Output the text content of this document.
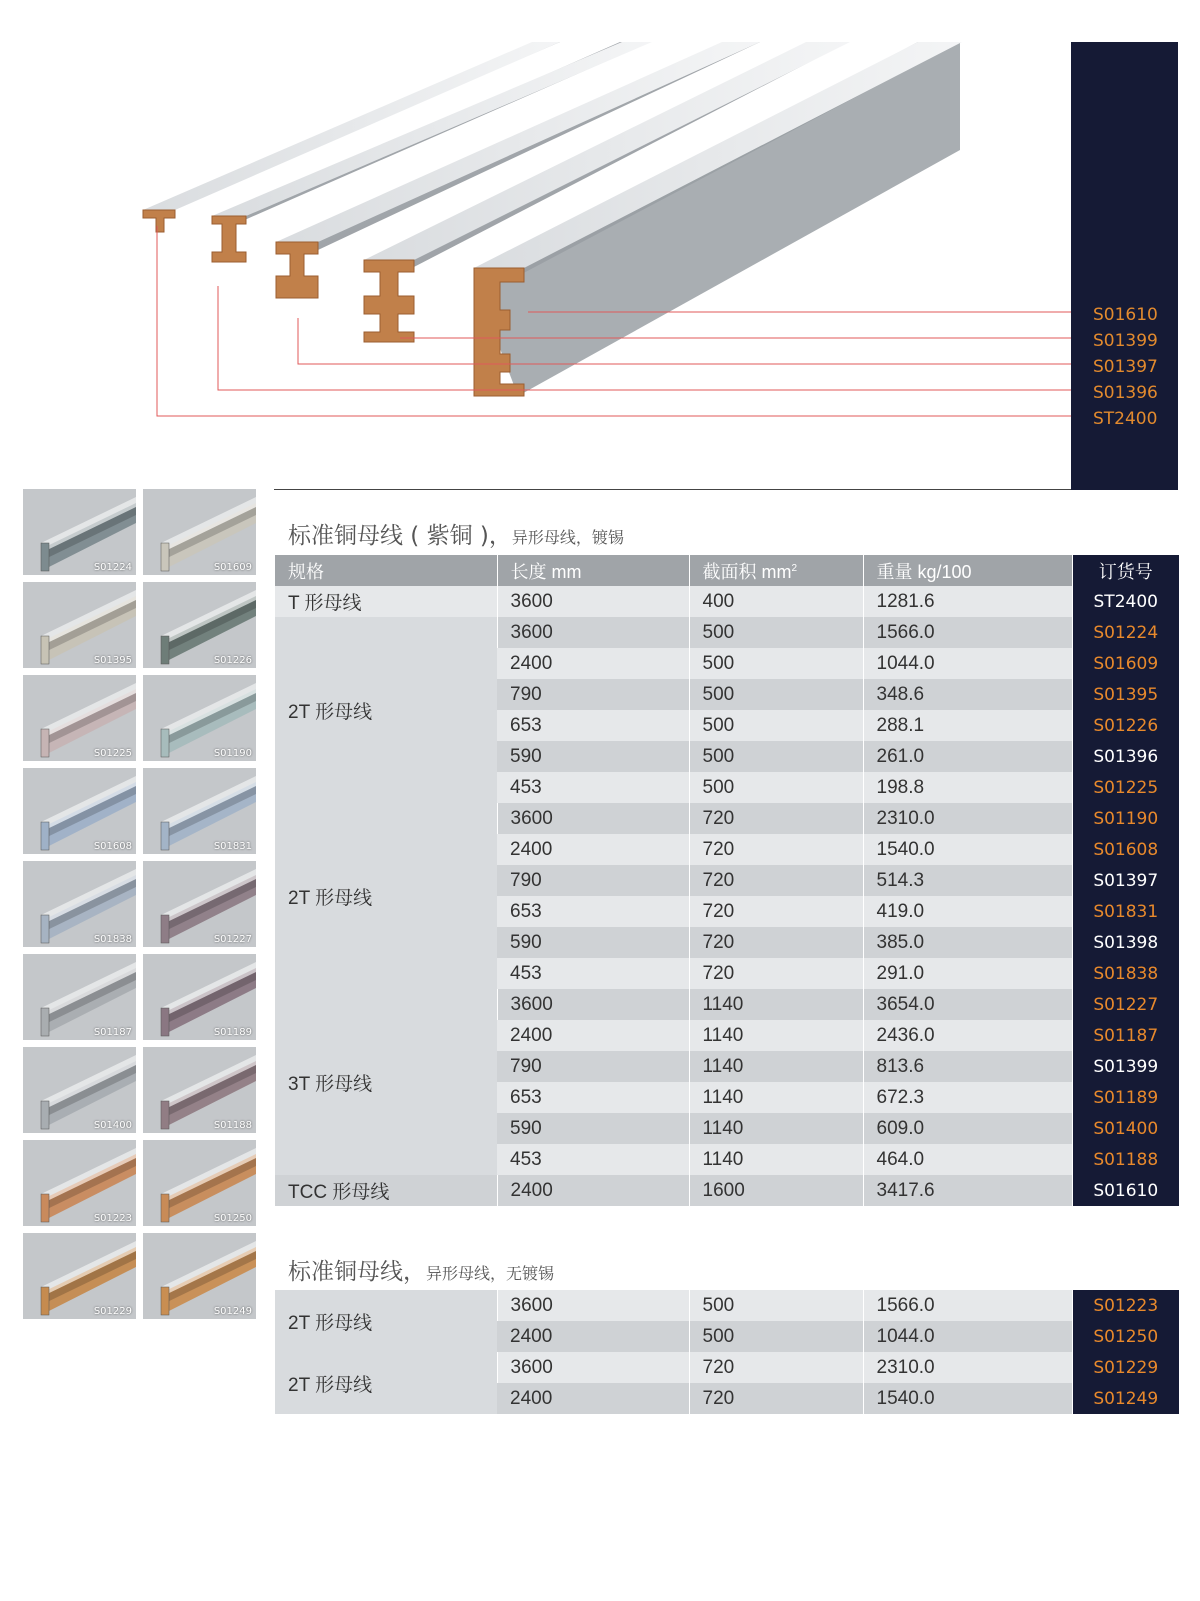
S01610
S01399
S01397
S01396
ST2400
S01224	S01609
S01395	S01226
S01225	S01190
S01608	S01831
S01838	S01227
S01187	S01189
S01400	S01188
S01223	S01250
S01229	S01249
标准铜母线 ( 紫铜 )，异形母线，镀锡
规格	长度 mm	截面积 $mm^2$	重量 kg/100	订货号
T 形母线	3600	400	1281.6	ST2400
2T 形母线	3600	500	1566.0	S01224
	2400	500	1044.0	S01609
	790	500	348.6	S01395
	653	500	288.1	S01226
	590	500	261.0	S01396
	453	500	198.8	S01225
2T 形母线	3600	720	2310.0	S01190
	2400	720	1540.0	S01608
	790	720	514.3	S01397
	653	720	419.0	S01831
	590	720	385.0	S01398
	453	720	291.0	S01838
3T 形母线	3600	1140	3654.0	S01227
	2400	1140	2436.0	S01187
	790	1140	813.6	S01399
	653	1140	672.3	S01189
	590	1140	609.0	S01400
	453	1140	464.0	S01188
TCC 形母线	2400	1600	3417.6	S01610
标准铜母线，异形母线，无镀锡
2T 形母线	3600	500	1566.0	S01223
	2400	500	1044.0	S01250
2T 形母线	3600	720	2310.0	S01229
	2400	720	1540.0	S01249
